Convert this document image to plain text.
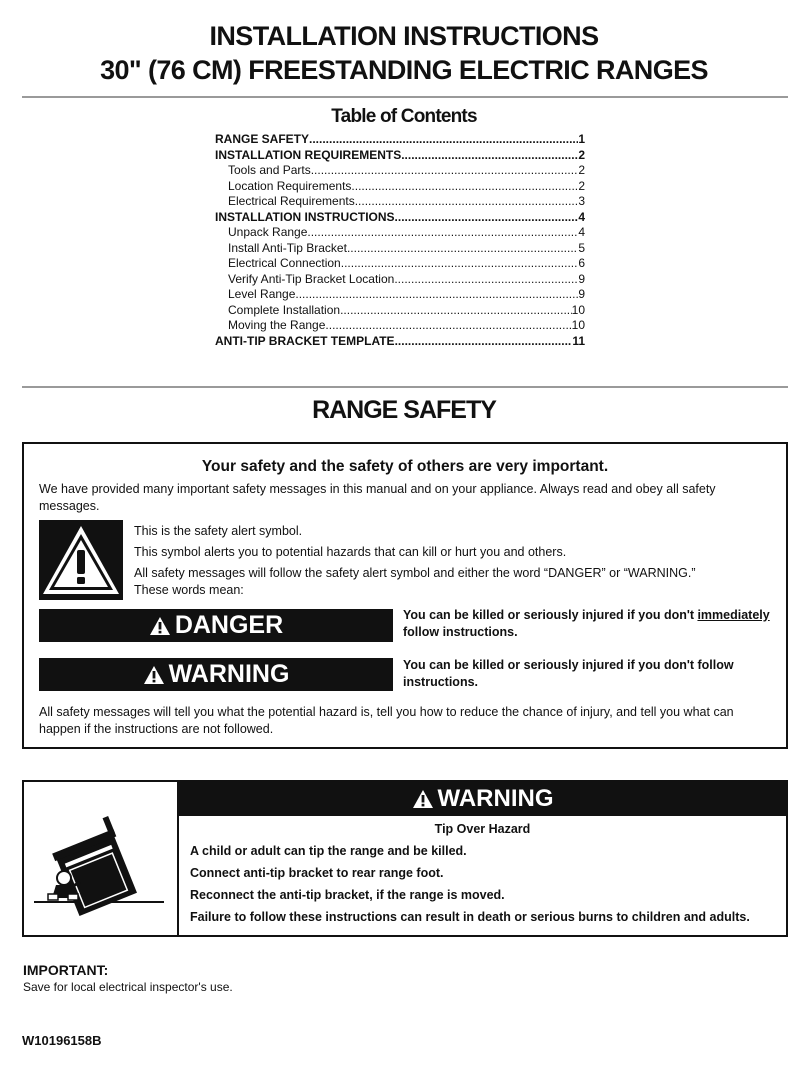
INSTALLATION INSTRUCTIONS
30" (76 CM) FREESTANDING ELECTRIC RANGES
Table of Contents
RANGE SAFETY .....	1
INSTALLATION REQUIREMENTS .....	2
Tools and Parts .....	2
Location Requirements .....	2
Electrical Requirements .....	3
INSTALLATION INSTRUCTIONS .....	4
Unpack Range .....	4
Install Anti-Tip Bracket .....	5
Electrical Connection .....	6
Verify Anti-Tip Bracket Location .....	9
Level Range .....	9
Complete Installation .....	10
Moving the Range .....	10
ANTI-TIP BRACKET TEMPLATE .....	11
RANGE SAFETY
Your safety and the safety of others are very important.
We have provided many important safety messages in this manual and on your appliance. Always read and obey all safety messages.
This is the safety alert symbol.
This symbol alerts you to potential hazards that can kill or hurt you and others.
All safety messages will follow the safety alert symbol and either the word “DANGER” or “WARNING.”
These words mean:
DANGER	You can be killed or seriously injured if you don't immediately follow instructions.
WARNING	You can be killed or seriously injured if you don't follow instructions.
All safety messages will tell you what the potential hazard is, tell you how to reduce the chance of injury, and tell you what can happen if the instructions are not followed.
WARNING
Tip Over Hazard
A child or adult can tip the range and be killed.
Connect anti-tip bracket to rear range foot.
Reconnect the anti-tip bracket, if the range is moved.
Failure to follow these instructions can result in death or serious burns to children and adults.
IMPORTANT:
Save for local electrical inspector's use.
W10196158B
